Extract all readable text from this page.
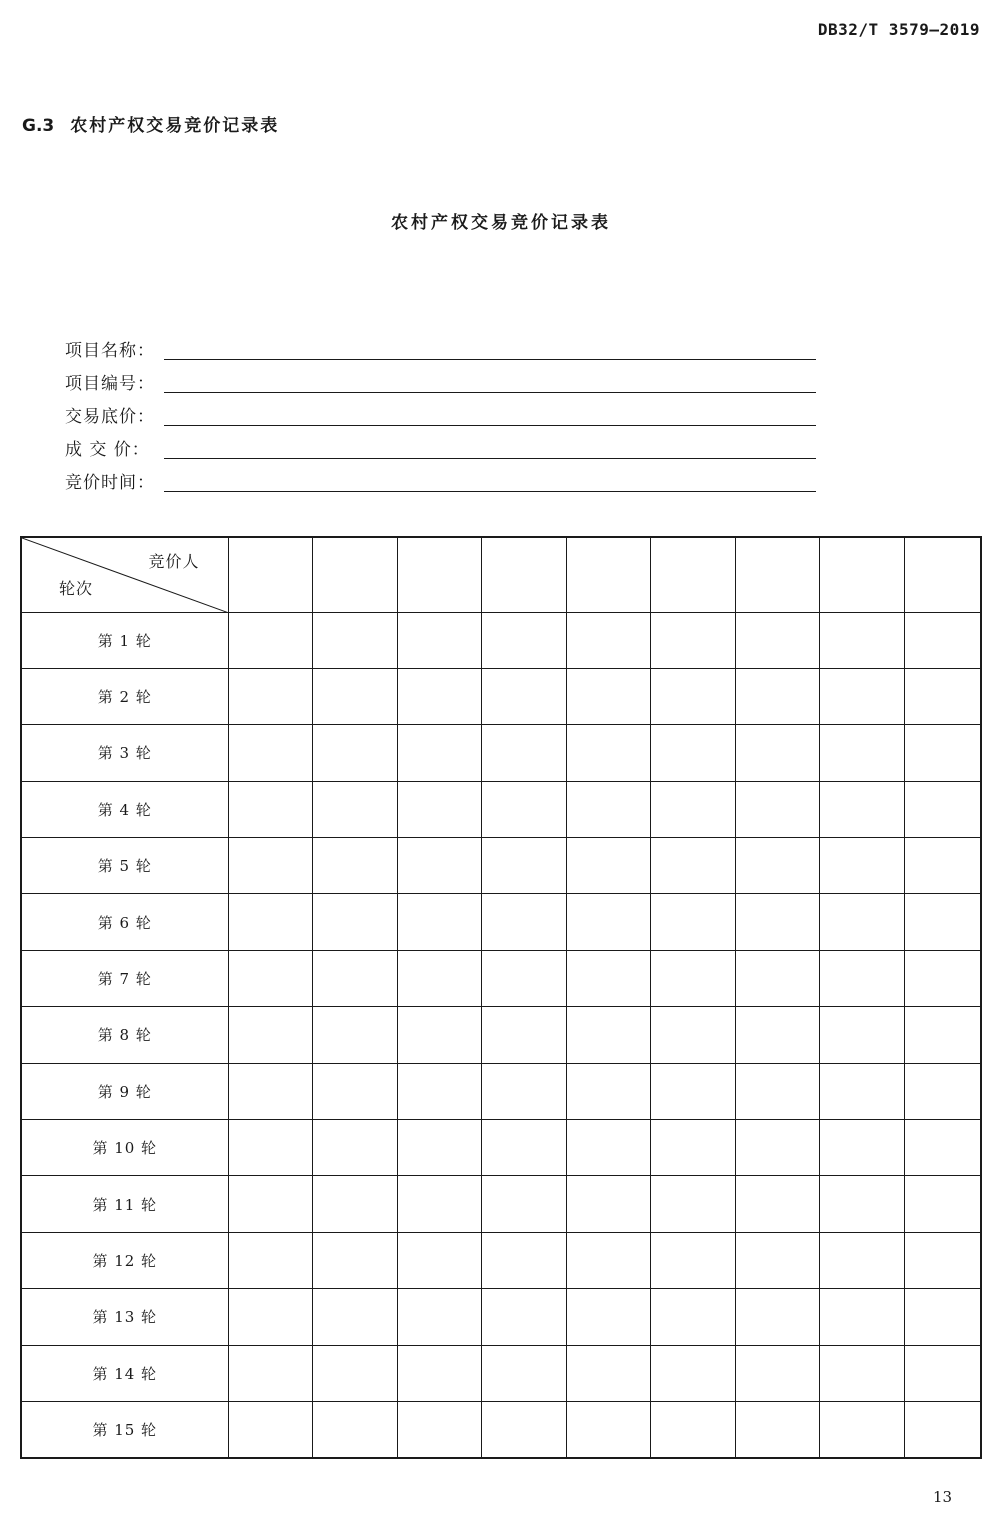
DB32/T 3579—2019
G.3 农村产权交易竞价记录表
农村产权交易竞价记录表
项目名称：
项目编号：
交易底价：
成 交 价：
竞价时间：
竞价人
轮次									

第 1 轮									
第 2 轮									
第 3 轮									
第 4 轮									
第 5 轮									
第 6 轮									
第 7 轮									
第 8 轮									
第 9 轮									
第 10 轮									
第 11 轮									
第 12 轮									
第 13 轮									
第 14 轮									
第 15 轮									
13
